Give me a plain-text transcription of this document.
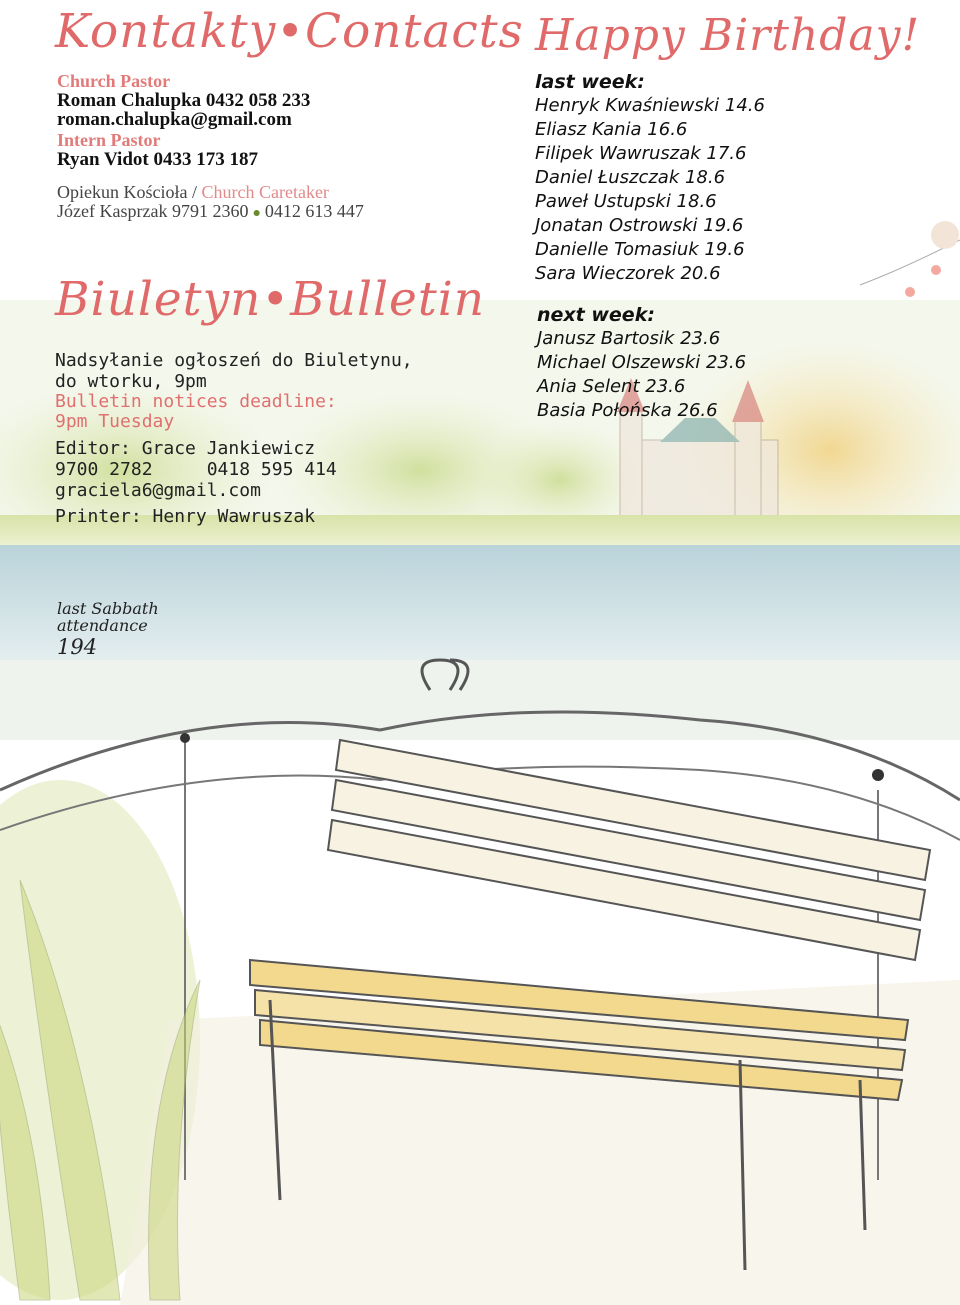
Kontakty•Contacts
Church Pastor
Roman Chalupka 0432 058 233
roman.chalupka@gmail.com
Intern Pastor
Ryan Vidot 0433 173 187
Opiekun Kościoła / Church Caretaker
Józef Kasprzak 9791 2360 ● 0412 613 447
Biuletyn•Bulletin
Nadsyłanie ogłoszeń do Biuletynu,
do wtorku, 9pm
Bulletin notices deadline:
9pm Tuesday
Editor: Grace Jankiewicz
9700 2782     0418 595 414
graciela6@gmail.com
Printer: Henry Wawruszak
last Sabbath
attendance
194
Happy Birthday!
last week:
Henryk Kwaśniewski 14.6
Eliasz Kania 16.6
Filipek Wawruszak 17.6
Daniel Łuszczak 18.6
Paweł Ustupski 18.6
Jonatan Ostrowski 19.6
Danielle Tomasiuk 19.6
Sara Wieczorek 20.6
next week:
Janusz Bartosik 23.6
Michael Olszewski 23.6
Ania Selent 23.6
Basia Połońska 26.6
